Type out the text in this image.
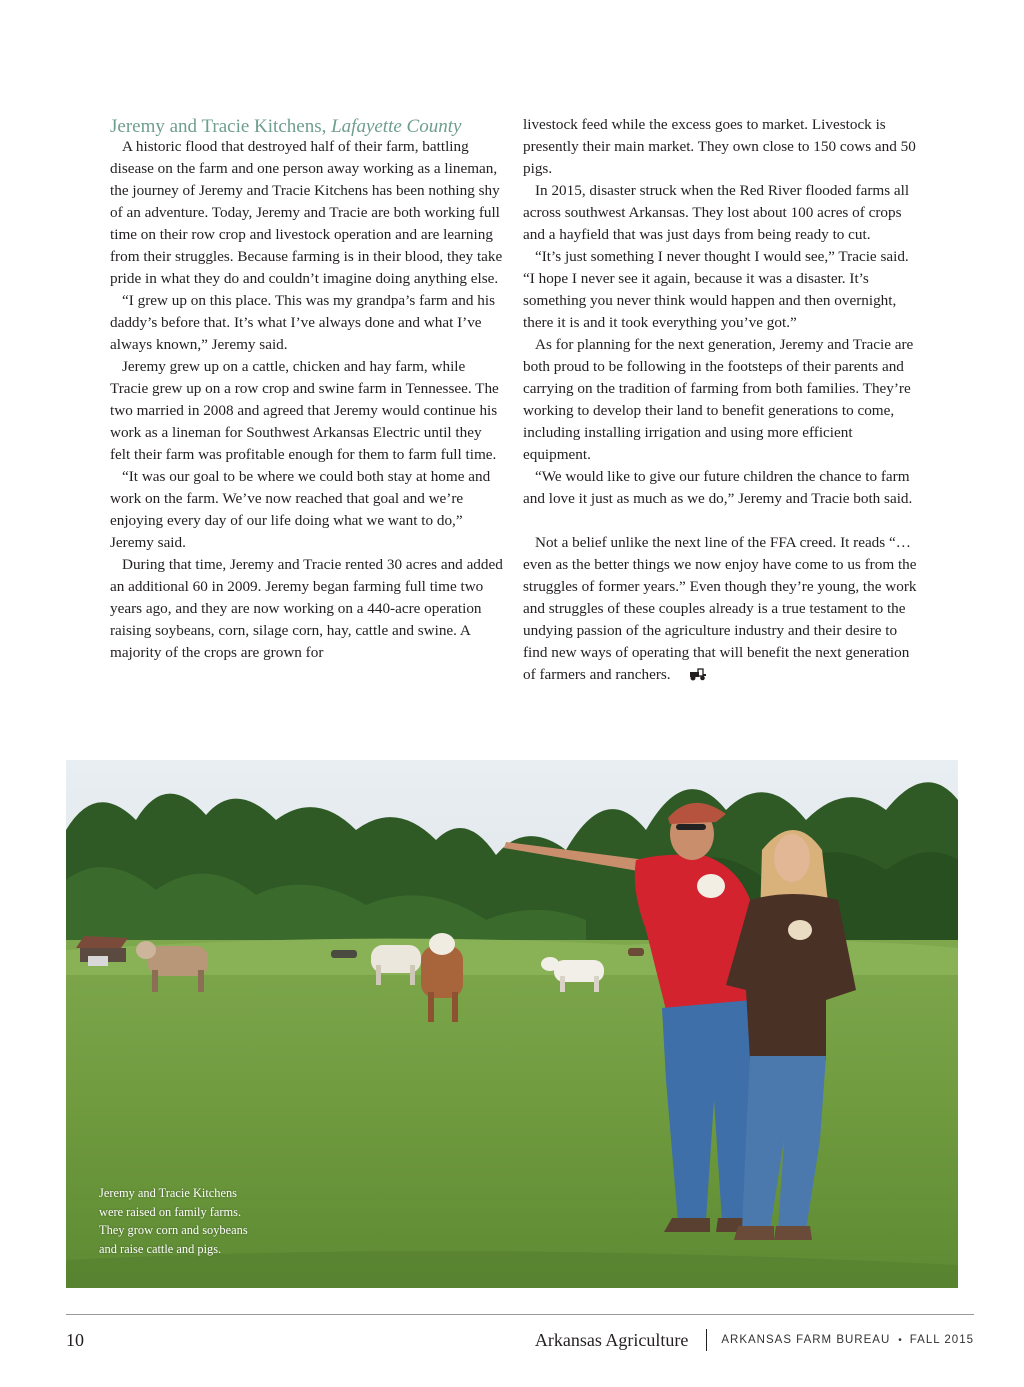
Jeremy and Tracie Kitchens, Lafayette County

A historic flood that destroyed half of their farm, battling disease on the farm and one person away working as a lineman, the journey of Jeremy and Tracie Kitchens has been nothing shy of an adventure. Today, Jeremy and Tracie are both working full time on their row crop and livestock operation and are learning from their struggles. Because farming is in their blood, they take pride in what they do and couldn’t imagine doing anything else.

“I grew up on this place. This was my grandpa’s farm and his daddy’s before that. It’s what I’ve always done and what I’ve always known,” Jeremy said.

Jeremy grew up on a cattle, chicken and hay farm, while Tracie grew up on a row crop and swine farm in Tennessee. The two married in 2008 and agreed that Jeremy would continue his work as a lineman for Southwest Arkansas Electric until they felt their farm was profitable enough for them to farm full time.

“It was our goal to be where we could both stay at home and work on the farm. We’ve now reached that goal and we’re enjoying every day of our life doing what we want to do,” Jeremy said.

During that time, Jeremy and Tracie rented 30 acres and added an additional 60 in 2009. Jeremy began farming full time two years ago, and they are now working on a 440-acre operation raising soybeans, corn, silage corn, hay, cattle and swine. A majority of the crops are grown for

livestock feed while the excess goes to market. Livestock is presently their main market. They own close to 150 cows and 50 pigs.

In 2015, disaster struck when the Red River flooded farms all across southwest Arkansas. They lost about 100 acres of crops and a hayfield that was just days from being ready to cut.

“It’s just something I never thought I would see,” Tracie said. “I hope I never see it again, because it was a disaster. It’s something you never think would happen and then overnight, there it is and it took everything you’ve got.”

As for planning for the next generation, Jeremy and Tracie are both proud to be following in the footsteps of their parents and carrying on the tradition of farming from both families. They’re working to develop their land to benefit generations to come, including installing irrigation and using more efficient equipment.

“We would like to give our future children the chance to farm and love it just as much as we do,” Jeremy and Tracie both said.

Not a belief unlike the next line of the FFA creed. It reads “…even as the better things we now enjoy have come to us from the struggles of former years.” Even though they’re young, the work and struggles of these couples already is a true testament to the undying passion of the agriculture industry and their desire to find new ways of operating that will benefit the next generation of farmers and ranchers.

Jeremy and Tracie Kitchens
were raised on family farms.
They grow corn and soybeans
and raise cattle and pigs.
10	Arkansas Agriculture	ARKANSAS FARM BUREAU • FALL 2015
